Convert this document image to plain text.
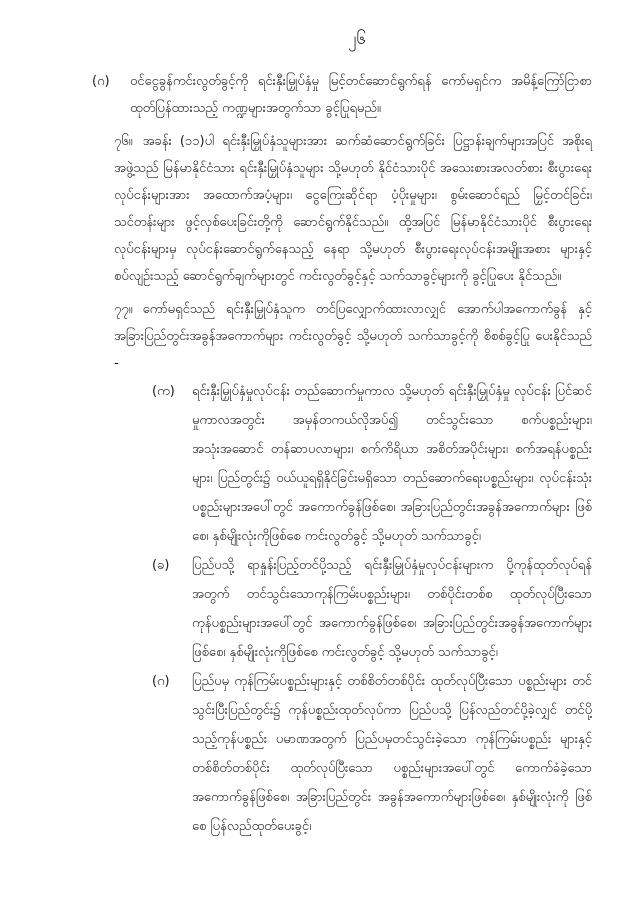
၂၆
(ဂ)	ဝင်ငွေခွန်ကင်းလွတ်ခွင့်ကို ရင်းနှီးမြှုပ်နှံမှု မြင့်တင်ဆောင်ရွက်ရန် ကော်မရှင်က အမိန့်ကြော်ငြာစာ ထုတ်ပြန်ထားသည့် ကဏ္ဍများအတွက်သာ ခွင့်ပြုရမည်။
၇၆။ အခန်း (၁၁)ပါ ရင်းနှီးမြှုပ်နှံသူများအား ဆက်ဆံဆောင်ရွက်ခြင်း ပြဋ္ဌာန်းချက်များအပြင် အစိုးရ အဖွဲ့သည် မြန်မာနိုင်ငံသား ရင်းနှီးမြှုပ်နှံသူများ သို့မဟုတ် နိုင်ငံသားပိုင် အသေးစားအလတ်စား စီးပွားရေးလုပ်ငန်းများအား အထောက်အပံ့များ၊ ငွေကြေးဆိုင်ရာ ပံ့ပိုးမှုများ၊ စွမ်းဆောင်ရည် မြှင့်တင်ခြင်း၊ သင်တန်းများ ဖွင့်လှစ်ပေးခြင်းတို့ကို ဆောင်ရွက်နိုင်သည်။ ထို့အပြင် မြန်မာနိုင်ငံသားပိုင် စီးပွားရေးလုပ်ငန်းများမှ လုပ်ငန်းဆောင်ရွက်နေသည့် နေရာ သို့မဟုတ် စီးပွားရေးလုပ်ငန်းအမျိုးအစား များနှင့် စပ်လျဉ်းသည့် ဆောင်ရွက်ချက်များတွင် ကင်းလွတ်ခွင့်နှင့် သက်သာခွင့်များကို ခွင့်ပြုပေး နိုင်သည်။
၇၇။ ကော်မရှင်သည် ရင်းနှီးမြှုပ်နှံသူက တင်ပြလျှောက်ထားလာလျှင် အောက်ပါအကောက်ခွန် နှင့် အခြားပြည်တွင်းအခွန်အကောက်များ ကင်းလွတ်ခွင့် သို့မဟုတ် သက်သာခွင့်ကို စိစစ်ခွင့်ပြု ပေးနိုင်သည် -
(က)	ရင်းနှီးမြှုပ်နှံမှုလုပ်ငန်း တည်ဆောက်မှုကာလ သို့မဟုတ် ရင်းနှီးမြှုပ်နှံမှု လုပ်ငန်း ပြင်ဆင်မှုကာလအတွင်း အမှန်တကယ်လိုအပ်၍ တင်သွင်းသော စက်ပစ္စည်းများ၊ အသုံးအဆောင် တန်ဆာပလာများ၊ စက်ကိရိယာ အစိတ်အပိုင်းများ၊ စက်အရန်ပစ္စည်းများ၊ ပြည်တွင်း၌ ဝယ်ယူရရှိနိုင်ခြင်းမရှိသော တည်ဆောက်ရေးပစ္စည်းများ၊ လုပ်ငန်းသုံး ပစ္စည်းများအပေါ်တွင် အကောက်ခွန်ဖြစ်စေ၊ အခြားပြည်တွင်းအခွန်အကောက်များ ဖြစ်စေ၊ နှစ်မျိုးလုံးကိုဖြစ်စေ ကင်းလွတ်ခွင့် သို့မဟုတ် သက်သာခွင့်၊
(ခ)	ပြည်ပသို့ ရာနှုန်းပြည့်တင်ပို့သည့် ရင်းနှီးမြှုပ်နှံမှုလုပ်ငန်းများက ပို့ကုန်ထုတ်လုပ်ရန် အတွက် တင်သွင်းသောကုန်ကြမ်းပစ္စည်းများ၊ တစ်ပိုင်းတစ်စ ထုတ်လုပ်ပြီးသော ကုန်ပစ္စည်းများအပေါ်တွင် အကောက်ခွန်ဖြစ်စေ၊ အခြားပြည်တွင်းအခွန်အကောက်များ ဖြစ်စေ၊ နှစ်မျိုးလုံးကိုဖြစ်စေ ကင်းလွတ်ခွင့် သို့မဟုတ် သက်သာခွင့်၊
(ဂ)	ပြည်ပမှ ကုန်ကြမ်းပစ္စည်းများနှင့် တစ်စိတ်တစ်ပိုင်း ထုတ်လုပ်ပြီးသော ပစ္စည်းများ တင်သွင်းပြီးပြည်တွင်း၌ ကုန်ပစ္စည်းထုတ်လုပ်ကာ ပြည်ပသို့ ပြန်လည်တင်ပို့ခဲ့လျှင် တင်ပို့သည့်ကုန်ပစ္စည်း ပမာဏအတွက် ပြည်ပမှတင်သွင်းခဲ့သော ကုန်ကြမ်းပစ္စည်း များနှင့် တစ်စိတ်တစ်ပိုင်း ထုတ်လုပ်ပြီးသော ပစ္စည်းများအပေါ်တွင် ကောက်ခံခဲ့သော အကောက်ခွန်ဖြစ်စေ၊ အခြားပြည်တွင်း အခွန်အကောက်များဖြစ်စေ၊ နှစ်မျိုးလုံးကို ဖြစ်စေ ပြန်လည်ထုတ်ပေးခွင့်၊
